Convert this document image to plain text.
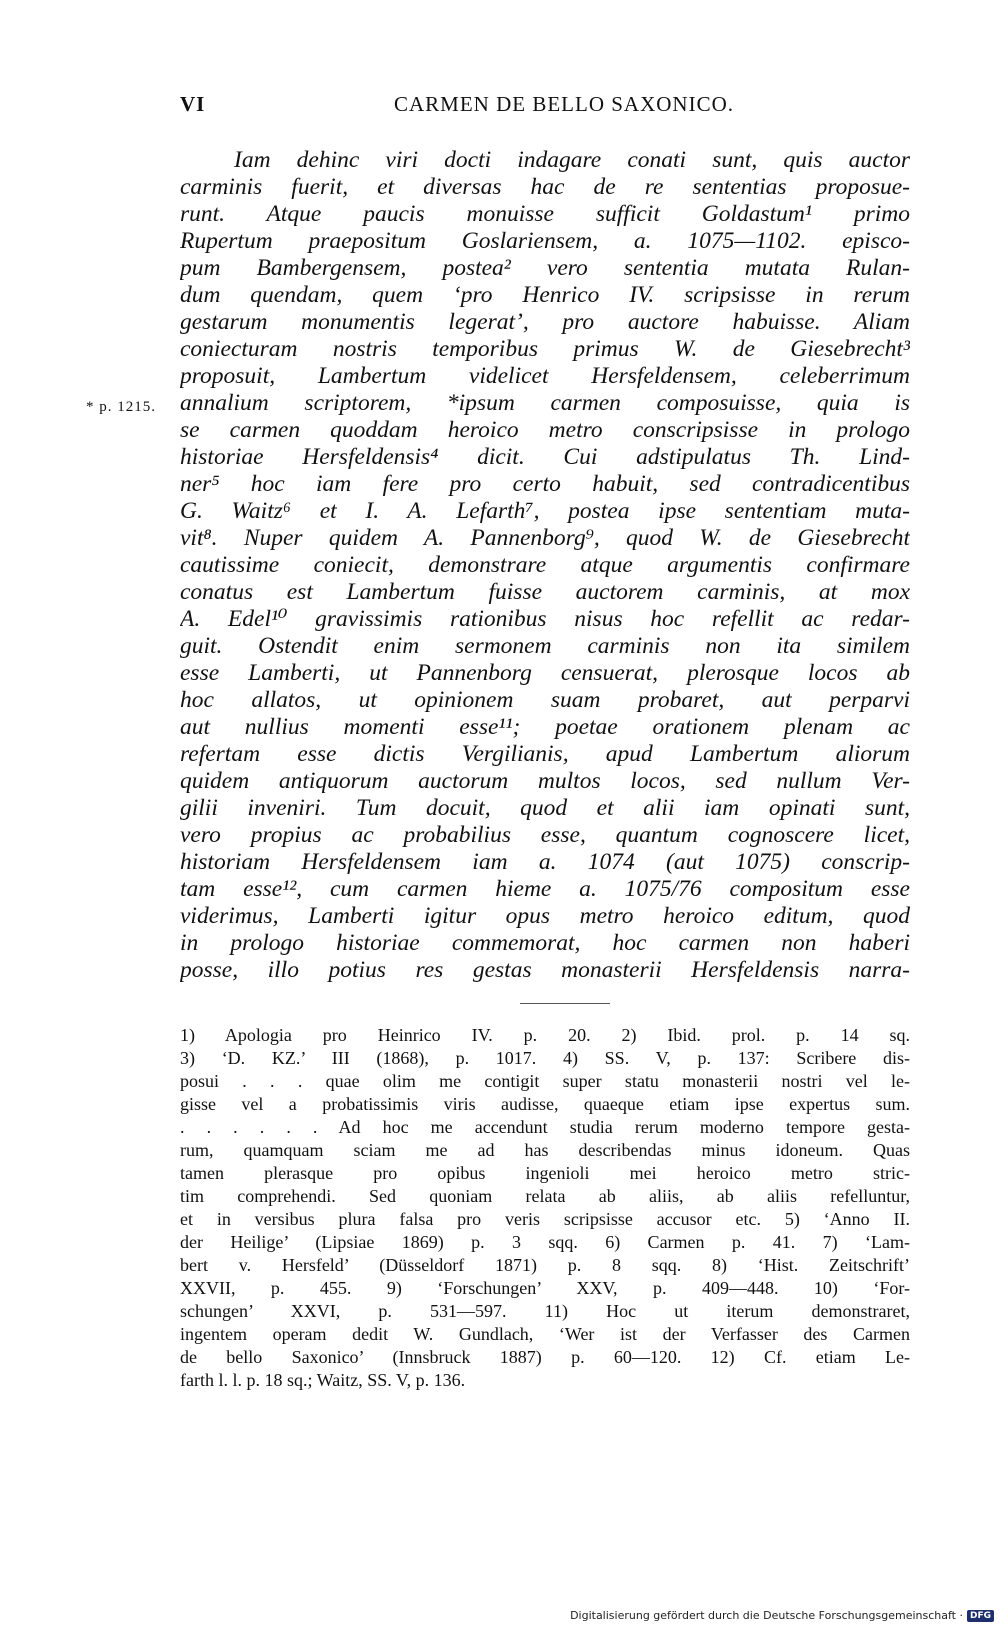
VI	CARMEN DE BELLO SAXONICO.
* p. 1215.
Iam dehinc viri docti indagare conati sunt, quis auctor
carminis fuerit, et diversas hac de re sententias proposue-
runt. Atque paucis monuisse sufficit Goldastum¹ primo
Rupertum praepositum Goslariensem, a. 1075—1102. episco-
pum Bambergensem, postea² vero sententia mutata Rulan-
dum quendam, quem ‘pro Henrico IV. scripsisse in rerum
gestarum monumentis legerat’, pro auctore habuisse. Aliam
coniecturam nostris temporibus primus W. de Giesebrecht³
proposuit, Lambertum videlicet Hersfeldensem, celeberrimum
annalium scriptorem, *ipsum carmen composuisse, quia is
se carmen quoddam heroico metro conscripsisse in prologo
historiae Hersfeldensis⁴ dicit. Cui adstipulatus Th. Lind-
ner⁵ hoc iam fere pro certo habuit, sed contradicentibus
G. Waitz⁶ et I. A. Lefarth⁷, postea ipse sententiam muta-
vit⁸. Nuper quidem A. Pannenborg⁹, quod W. de Giesebrecht
cautissime coniecit, demonstrare atque argumentis confirmare
conatus est Lambertum fuisse auctorem carminis, at mox
A. Edel¹⁰ gravissimis rationibus nisus hoc refellit ac redar-
guit. Ostendit enim sermonem carminis non ita similem
esse Lamberti, ut Pannenborg censuerat, plerosque locos ab
hoc allatos, ut opinionem suam probaret, aut perparvi
aut nullius momenti esse¹¹; poetae orationem plenam ac
refertam esse dictis Vergilianis, apud Lambertum aliorum
quidem antiquorum auctorum multos locos, sed nullum Ver-
gilii inveniri. Tum docuit, quod et alii iam opinati sunt,
vero propius ac probabilius esse, quantum cognoscere licet,
historiam Hersfeldensem iam a. 1074 (aut 1075) conscrip-
tam esse¹², cum carmen hieme a. 1075/76 compositum esse
viderimus, Lamberti igitur opus metro heroico editum, quod
in prologo historiae commemorat, hoc carmen non haberi
posse, illo potius res gestas monasterii Hersfeldensis narra-
1) Apologia pro Heinrico IV. p. 20. 2) Ibid. prol. p. 14 sq.
3) ‘D. KZ.’ III (1868), p. 1017. 4) SS. V, p. 137: Scribere dis-
posui . . . quae olim me contigit super statu monasterii nostri vel le-
gisse vel a probatissimis viris audisse, quaeque etiam ipse expertus sum.
. . . . . . Ad hoc me accendunt studia rerum moderno tempore gesta-
rum, quamquam sciam me ad has describendas minus idoneum. Quas
tamen plerasque pro opibus ingenioli mei heroico metro stric-
tim comprehendi. Sed quoniam relata ab aliis, ab aliis refelluntur,
et in versibus plura falsa pro veris scripsisse accusor etc. 5) ‘Anno II.
der Heilige’ (Lipsiae 1869) p. 3 sqq. 6) Carmen p. 41. 7) ‘Lam-
bert v. Hersfeld’ (Düsseldorf 1871) p. 8 sqq. 8) ‘Hist. Zeitschrift’
XXVII, p. 455. 9) ‘Forschungen’ XXV, p. 409—448. 10) ‘For-
schungen’ XXVI, p. 531—597. 11) Hoc ut iterum demonstraret,
ingentem operam dedit W. Gundlach, ‘Wer ist der Verfasser des Carmen
de bello Saxonico’ (Innsbruck 1887) p. 60—120. 12) Cf. etiam Le-
farth l. l. p. 18 sq.; Waitz, SS. V, p. 136.
Digitalisierung gefördert durch die Deutsche Forschungsgemeinschaft · DFG
